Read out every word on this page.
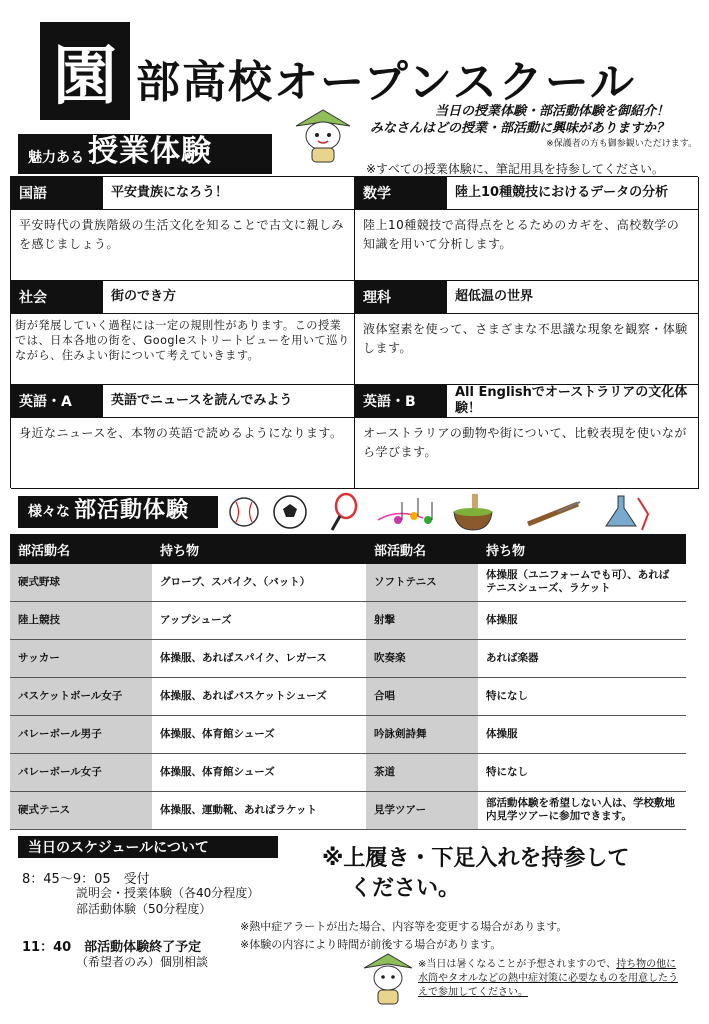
園 部高校オープンスクール
当日の授業体験・部活動体験を御紹介！
みなさんはどの授業・部活動に興味がありますか？
※保護者の方も御参観いただけます。
魅力ある 授業体験	※すべての授業体験に、筆記用具を持参してください。
国語	平安貴族になろう！
平安時代の貴族階級の生活文化を知ることで古文に親しみを感じましょう。
数学	陸上10種競技におけるデータの分析
陸上10種競技で高得点をとるためのカギを、高校数学の知識を用いて分析します。
社会	街のでき方
街が発展していく過程には一定の規則性があります。この授業では、日本各地の街を、Googleストリートビューを用いて巡りながら、住みよい街について考えていきます。
理科	超低温の世界
液体窒素を使って、さまざまな不思議な現象を観察・体験します。
英語・A	英語でニュースを読んでみよう
身近なニュースを、本物の英語で読めるようになります。
英語・B
All Englishでオーストラリアの文化体験！
オーストラリアの動物や街について、比較表現を使いながら学びます。
様々な 部活動体験
部活動名	持ち物	部活動名	持ち物
硬式野球	グローブ、スパイク、（バット）	ソフトテニス	体操服（ユニフォームでも可）、あればテニスシューズ、ラケット
陸上競技	アップシューズ	射撃	体操服
サッカー	体操服、あればスパイク、レガース	吹奏楽	あれば楽器
バスケットボール女子	体操服、あればバスケットシューズ	合唱	特になし
バレーボール男子	体操服、体育館シューズ	吟詠剣詩舞	体操服
バレーボール女子	体操服、体育館シューズ	茶道	特になし
硬式テニス	体操服、運動靴、あればラケット	見学ツアー	部活動体験を希望しない人は、学校敷地内見学ツアーに参加できます。
当日のスケジュールについて
8：45～9：05　受付
説明会・授業体験（各40分程度）
部活動体験（50分程度）
11：40　部活動体験終了予定
（希望者のみ）個別相談
※上履き・下足入れを持参して
ください。
※熱中症アラートが出た場合、内容等を変更する場合があります。
※体験の内容により時間が前後する場合があります。
※当日は暑くなることが予想されますので、持ち物の他に水筒やタオルなどの熱中症対策に必要なものを用意したうえで参加してください。
